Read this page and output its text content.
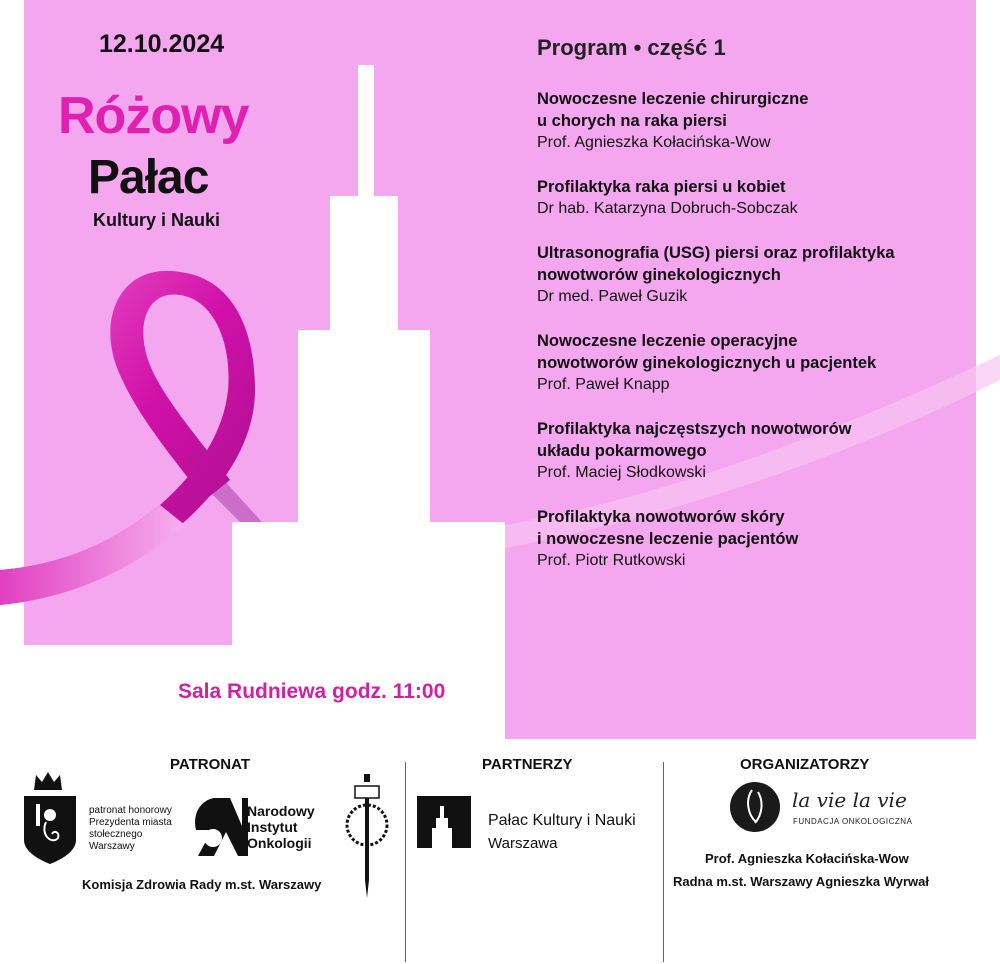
12.10.2024
Różowy
Pałac
Kultury i Nauki
Program • część 1
Nowoczesne leczenie chirurgiczne
u chorych na raka piersi
Prof. Agnieszka Kołacińska-Wow
Profilaktyka raka piersi u kobiet
Dr hab. Katarzyna Dobruch-Sobczak
Ultrasonografia (USG) piersi oraz profilaktyka
nowotworów ginekologicznych
Dr med. Paweł Guzik
Nowoczesne leczenie operacyjne
nowotworów ginekologicznych u pacjentek
Prof. Paweł Knapp
Profilaktyka najczęstszych nowotworów
układu pokarmowego
Prof. Maciej Słodkowski
Profilaktyka nowotworów skóry
i nowoczesne leczenie pacjentów
Prof. Piotr Rutkowski
Sala Rudniewa godz. 11:00
PATRONAT	PARTNERZY	ORGANIZATORZY
patronat honorowy
Prezydenta miasta
stołecznego
Warszawy
Narodowy
Instytut
Onkologii
Komisja Zdrowia Rady m.st. Warszawy
Pałac Kultury i Nauki
Warszawa
la vie la vie
FUNDACJA ONKOLOGICZNA
Prof. Agnieszka Kołacińska-Wow
Radna m.st. Warszawy Agnieszka Wyrwał
